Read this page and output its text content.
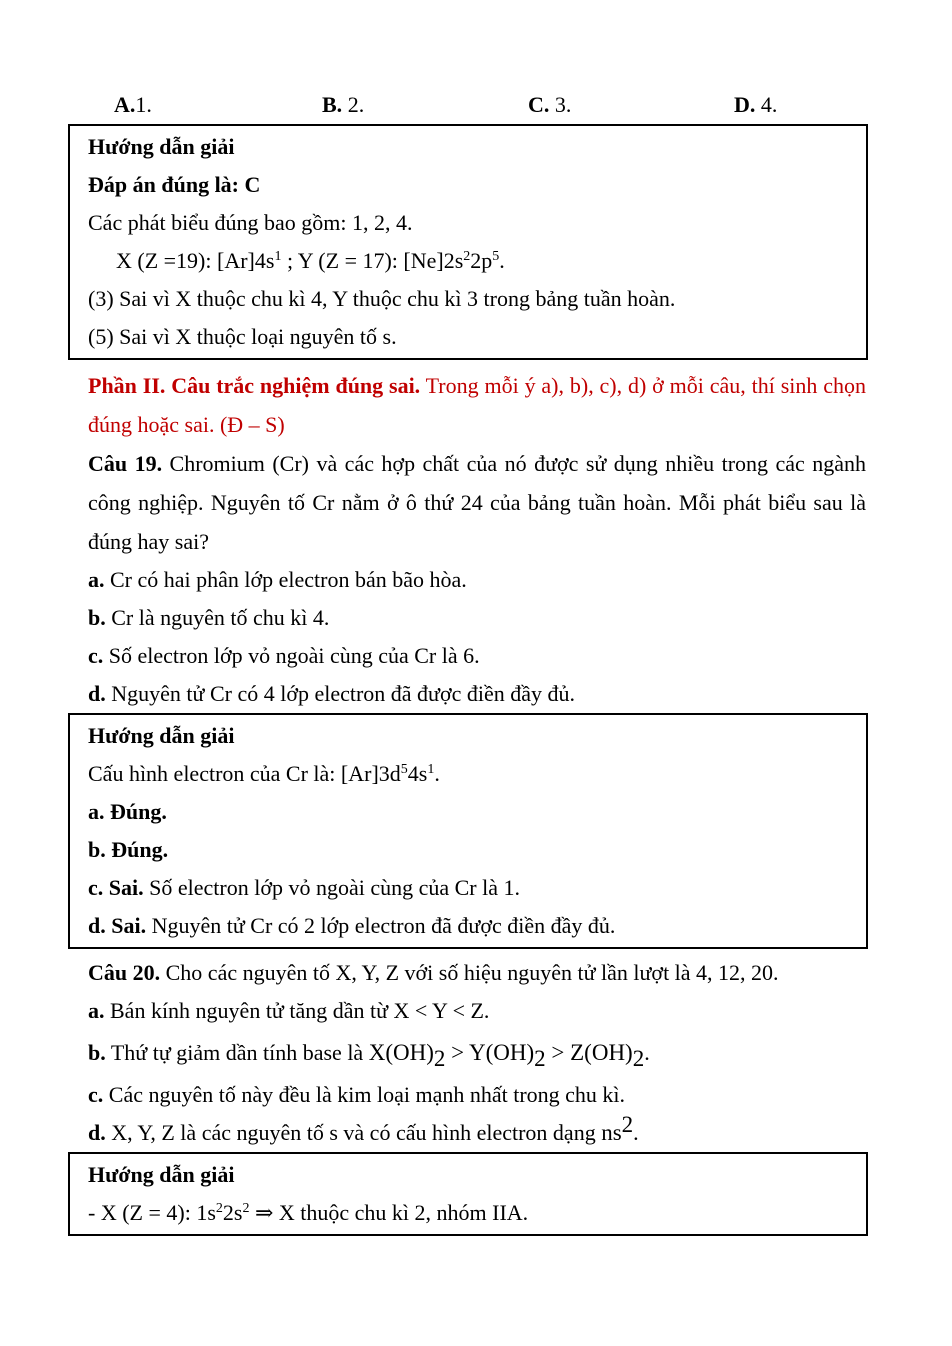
A.1.	B. 2.	C. 3.	D. 4.

Hướng dẫn giải

Đáp án đúng là: C

Các phát biểu đúng bao gồm: 1, 2, 4.

X (Z =19): $[Ar]4s^1$ ; Y (Z = 17): $[Ne]2s^22p^5$.

(3) Sai vì X thuộc chu kì 4, Y thuộc chu kì 3 trong bảng tuần hoàn.

(5) Sai vì X thuộc loại nguyên tố s.

Phần II. Câu trắc nghiệm đúng sai. Trong mỗi ý a), b), c), d) ở mỗi câu, thí sinh chọn đúng hoặc sai. (Đ – S)

Câu 19. Chromium (Cr) và các hợp chất của nó được sử dụng nhiều trong các ngành công nghiệp. Nguyên tố Cr nằm ở ô thứ 24 của bảng tuần hoàn. Mỗi phát biểu sau là đúng hay sai?

a. Cr có hai phân lớp electron bán bão hòa.

b. Cr là nguyên tố chu kì 4.

c. Số electron lớp vỏ ngoài cùng của Cr là 6.

d. Nguyên tử Cr có 4 lớp electron đã được điền đầy đủ.

Hướng dẫn giải

Cấu hình electron của Cr là: $[Ar]3d^54s^1$.

a. Đúng.

b. Đúng.

c. Sai. Số electron lớp vỏ ngoài cùng của Cr là 1.

d. Sai. Nguyên tử Cr có 2 lớp electron đã được điền đầy đủ.

Câu 20. Cho các nguyên tố X, Y, Z với số hiệu nguyên tử lần lượt là 4, 12, 20.

a. Bán kính nguyên tử tăng dần từ X < Y < Z.

b. Thứ tự giảm dần tính base là $X(OH)_2 > Y(OH)_2 > Z(OH)_2$.

c. Các nguyên tố này đều là kim loại mạnh nhất trong chu kì.

d. X, Y, Z là các nguyên tố s và có cấu hình electron dạng $ns^2$.

Hướng dẫn giải

- X (Z = 4): $1s^22s^2$ ⇒ X thuộc chu kì 2, nhóm IIA.
